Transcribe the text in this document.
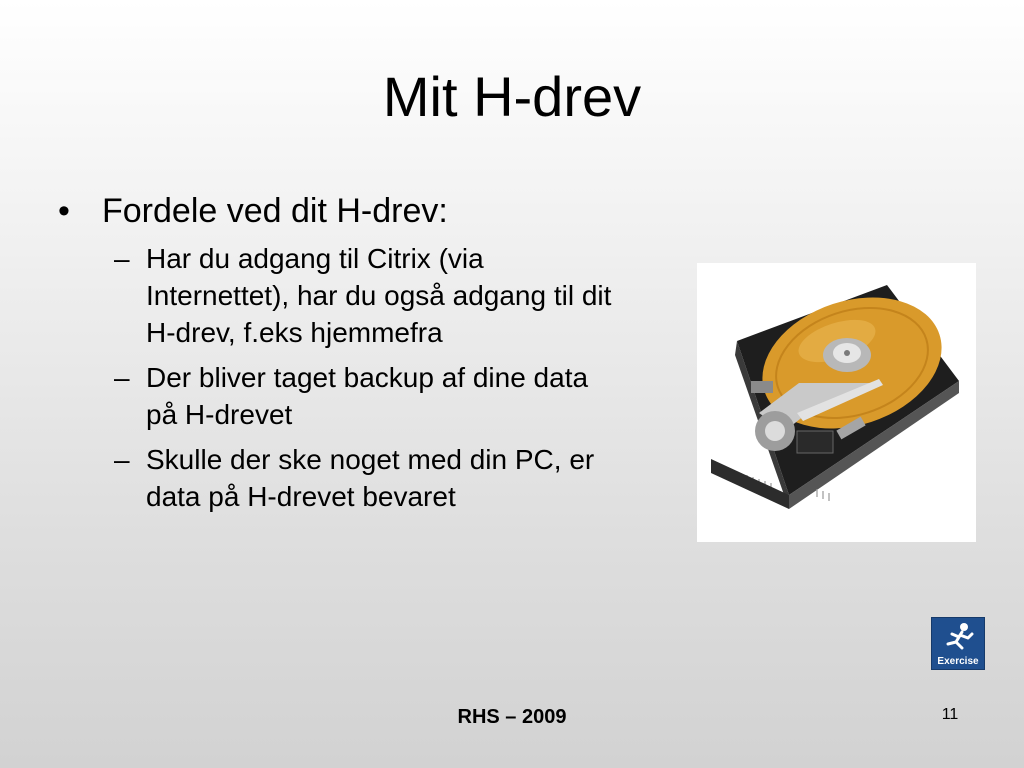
Mit H-drev
• Fordele ved dit H-drev:
– Har du adgang til Citrix (via Internettet), har du også adgang til dit H-drev, f.eks hjemmefra
– Der bliver taget backup af dine data på H-drevet
– Skulle der ske noget med din PC, er data på H-drevet bevaret
Exercise
RHS – 2009	11
